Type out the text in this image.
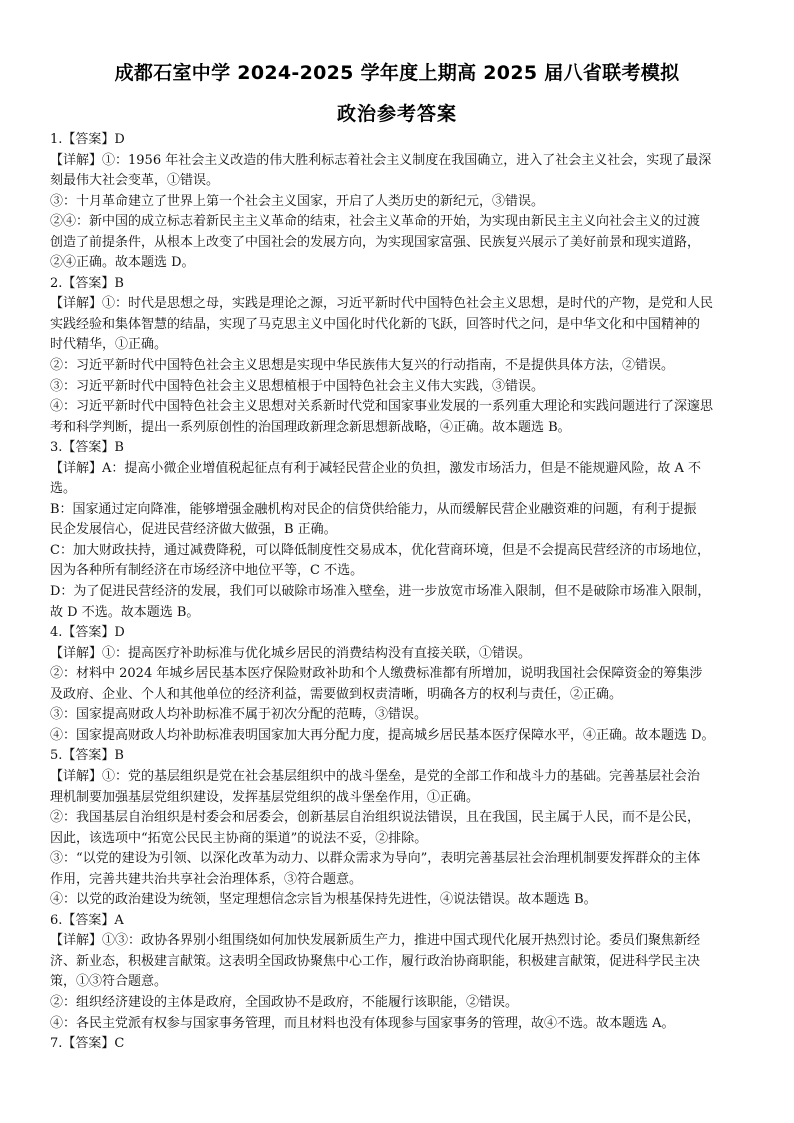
成都石室中学 2024-2025 学年度上期高 2025 届八省联考模拟
政治参考答案
1.【答案】D
【详解】①：1956 年社会主义改造的伟大胜利标志着社会主义制度在我国确立，进入了社会主义社会，实现了最深
刻最伟大社会变革，①错误。
③：十月革命建立了世界上第一个社会主义国家，开启了人类历史的新纪元，③错误。
②④：新中国的成立标志着新民主主义革命的结束，社会主义革命的开始，为实现由新民主主义向社会主义的过渡
创造了前提条件，从根本上改变了中国社会的发展方向，为实现国家富强、民族复兴展示了美好前景和现实道路，
②④正确。故本题选 D。
2.【答案】B
【详解】①：时代是思想之母，实践是理论之源，习近平新时代中国特色社会主义思想，是时代的产物，是党和人民
实践经验和集体智慧的结晶，实现了马克思主义中国化时代化新的飞跃，回答时代之问，是中华文化和中国精神的
时代精华，①正确。
②：习近平新时代中国特色社会主义思想是实现中华民族伟大复兴的行动指南，不是提供具体方法，②错误。
③：习近平新时代中国特色社会主义思想植根于中国特色社会主义伟大实践，③错误。
④：习近平新时代中国特色社会主义思想对关系新时代党和国家事业发展的一系列重大理论和实践问题进行了深邃思
考和科学判断，提出一系列原创性的治国理政新理念新思想新战略，④正确。故本题选 B。
3.【答案】B
【详解】A：提高小微企业增值税起征点有利于减轻民营企业的负担，激发市场活力，但是不能规避风险，故 A 不
选。
B：国家通过定向降准，能够增强金融机构对民企的信贷供给能力，从而缓解民营企业融资难的问题，有利于提振
民企发展信心，促进民营经济做大做强，B 正确。
C：加大财政扶持，通过减费降税，可以降低制度性交易成本，优化营商环境，但是不会提高民营经济的市场地位，
因为各种所有制经济在市场经济中地位平等，C 不选。
D：为了促进民营经济的发展，我们可以破除市场准入壁垒，进一步放宽市场准入限制，但不是破除市场准入限制，
故 D 不选。故本题选 B。
4.【答案】D
【详解】①：提高医疗补助标准与优化城乡居民的消费结构没有直接关联，①错误。
②：材料中 2024 年城乡居民基本医疗保险财政补助和个人缴费标准都有所增加，说明我国社会保障资金的筹集涉
及政府、企业、个人和其他单位的经济利益，需要做到权责清晰，明确各方的权利与责任，②正确。
③：国家提高财政人均补助标准不属于初次分配的范畴，③错误。
④：国家提高财政人均补助标准表明国家加大再分配力度，提高城乡居民基本医疗保障水平，④正确。故本题选 D。
5.【答案】B
【详解】①：党的基层组织是党在社会基层组织中的战斗堡垒，是党的全部工作和战斗力的基础。完善基层社会治
理机制要加强基层党组织建设，发挥基层党组织的战斗堡垒作用，①正确。
②：我国基层自治组织是村委会和居委会，创新基层自治组织说法错误，且在我国，民主属于人民，而不是公民，
因此，该选项中“拓宽公民民主协商的渠道”的说法不妥，②排除。
③：“以党的建设为引领、以深化改革为动力、以群众需求为导向”，表明完善基层社会治理机制要发挥群众的主体
作用，完善共建共治共享社会治理体系，③符合题意。
④：以党的政治建设为统领，坚定理想信念宗旨为根基保持先进性，④说法错误。故本题选 B。
6.【答案】A
【详解】①③：政协各界别小组围绕如何加快发展新质生产力，推进中国式现代化展开热烈讨论。委员们聚焦新经
济、新业态，积极建言献策。这表明全国政协聚焦中心工作，履行政治协商职能，积极建言献策，促进科学民主决
策，①③符合题意。
②：组织经济建设的主体是政府，全国政协不是政府，不能履行该职能，②错误。
④：各民主党派有权参与国家事务管理，而且材料也没有体现参与国家事务的管理，故④不选。故本题选 A。
7.【答案】C
